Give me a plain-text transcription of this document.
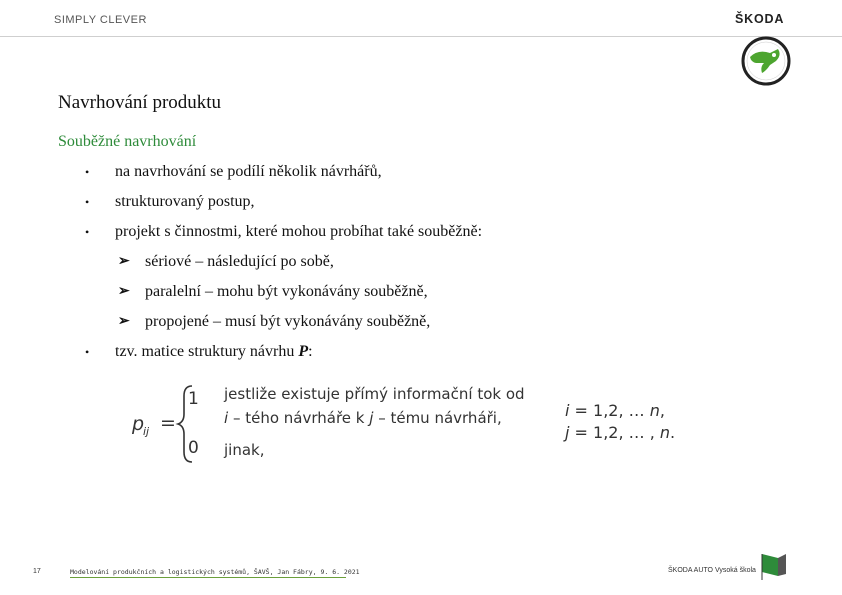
SIMPLY CLEVER	ŠKODA
Navrhování produktu
Souběžné navrhování
• na navrhování se podílí několik návrhářů,
• strukturovaný postup,
• projekt s činnostmi, které mohou probíhat také souběžně:
➢ sériové – následující po sobě,
➢ paralelní – mohu být vykonávány souběžně,
➢ propojené – musí být vykonávány souběžně,
• tzv. matice struktury návrhu P:
p
ij =
1 jestliže existuje přímý informační tok od
i – tého návrháře k j – tému návrháři,
0 jinak,
i = 1,2, … n,
j = 1,2, … , n.
17	Modelování produkčních a logistických systémů, ŠAVŠ, Jan Fábry, 9. 6. 2021	ŠKODA AUTO Vysoká škola
